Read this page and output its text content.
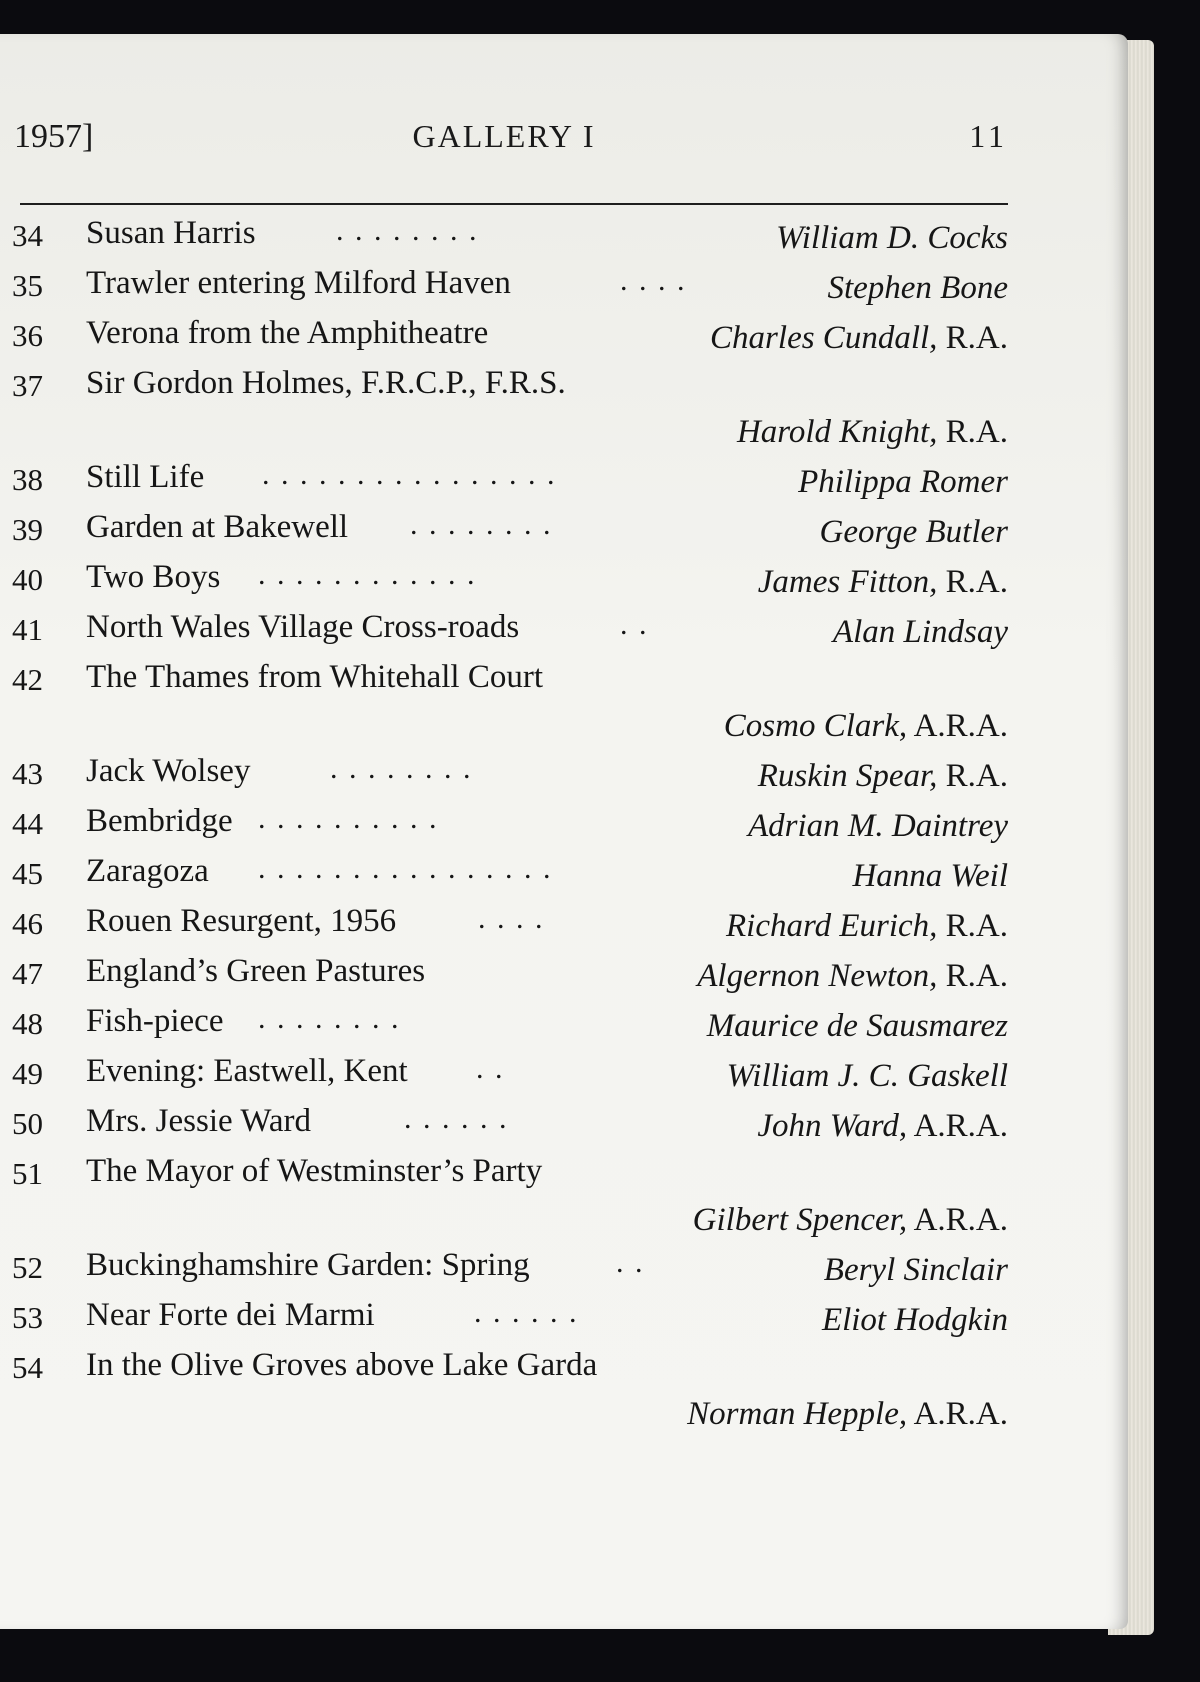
1957]	GALLERY I	11
34 Susan Harris	. . . . . . . .	William D. Cocks
35 Trawler entering Milford Haven	. . . .	Stephen Bone
36 Verona from the Amphitheatre	Charles Cundall, R.A.
37 Sir Gordon Holmes, F.R.C.P., F.R.S.
Harold Knight, R.A.
38 Still Life . . . . . . . . . . . . . . . .	Philippa Romer
39 Garden at Bakewell . . . . . . . .	George Butler
40 Two Boys . . . . . . . . . . . .	James Fitton, R.A.
41 North Wales Village Cross-roads	. .	Alan Lindsay
42 The Thames from Whitehall Court
Cosmo Clark, A.R.A.
43 Jack Wolsey	. . . . . . . .	Ruskin Spear, R.A.
44 Bembridge . . . . . . . . . .	Adrian M. Daintrey
45 Zaragoza . . . . . . . . . . . . . . . .	Hanna Weil
46 Rouen Resurgent, 1956	. . . .	Richard Eurich, R.A.
47 England’s Green Pastures	Algernon Newton, R.A.
48 Fish-piece . . . . . . . .	Maurice de Sausmarez
49 Evening: Eastwell, Kent . .	William J. C. Gaskell
50 Mrs. Jessie Ward	. . . . . .	John Ward, A.R.A.
51 The Mayor of Westminster’s Party
Gilbert Spencer, A.R.A.
52 Buckinghamshire Garden: Spring	. .	Beryl Sinclair
53 Near Forte dei Marmi	. . . . . .	Eliot Hodgkin
54 In the Olive Groves above Lake Garda
Norman Hepple, A.R.A.
